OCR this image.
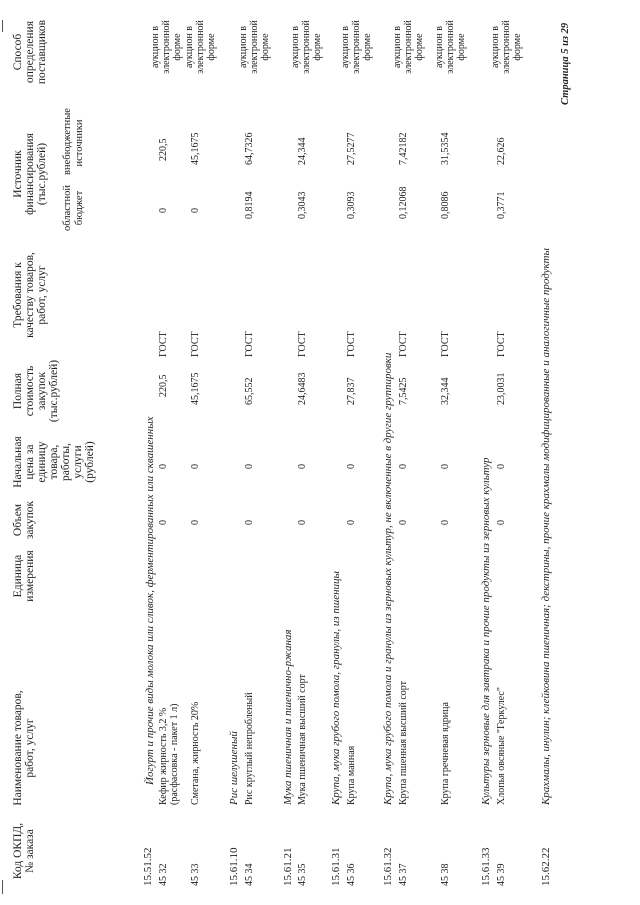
Код ОКПД, № заказа
Наименование товаров, работ, услуг
Единица измерения
Объем закупок
Начальная цена за единицу товара, работы, услуги (рублей)
Полная стоимость закупок (тыс.рублей)
Требования к качеству товаров, работ, услуг
Источник финансирования (тыс.рублей)
областной бюджет
внебюджетные источники
Способ определения поставщиков
15.51.52
Йогурт и прочие виды молока или сливок, ферментированных или сквашенных
45 32
Кефир жирность 3,2 % (расфасовка - пакет 1 л)
0
0
220,5
ГОСТ
0
220,5
аукцион в электронной форме
45 33
Сметана, жирность 20%
0
0
45,1675
ГОСТ
0
45,1675
аукцион в электронной форме
15.61.10
Рис шелушеный
45 34
Рис круглый непробленый
0
0
65,552
ГОСТ
0,8194
64,7326
аукцион в электронной форме
15.61.21
Мука пшеничная и пшенично-ржаная
45 35
Мука пшеничная высший сорт
0
0
24,6483
ГОСТ
0,3043
24,344
аукцион в электронной форме
15.61.31
Крупа, мука грубого помола, гранулы, из пшеницы
45 36
Крупа манная
0
0
27,837
ГОСТ
0,3093
27,5277
аукцион в электронной форме
15.61.32
Крупа, мука грубого помола и гранулы из зерновых культур, не включенные в другие группировки
45 37
Крупа пшенная высший сорт
0
0
7,5425
ГОСТ
0,12068
7,42182
аукцион в электронной форме
45 38
Крупа гречневая ядрица
0
0
32,344
ГОСТ
0,8086
31,5354
аукцион в электронной форме
15.61.33
Культуры зерновые для завтрака и прочие продукты из зерновых культур
45 39
Хлопья овсяные "Геркулес"
0
0
23,0031
ГОСТ
0,3771
22,626
аукцион в электронной форме
15.62.22
Крахмалы, инулин; клейковина пшеничная; декстрины, прочие крахмалы модифицированные и аналогичные продукты
Страница 5 из 29
